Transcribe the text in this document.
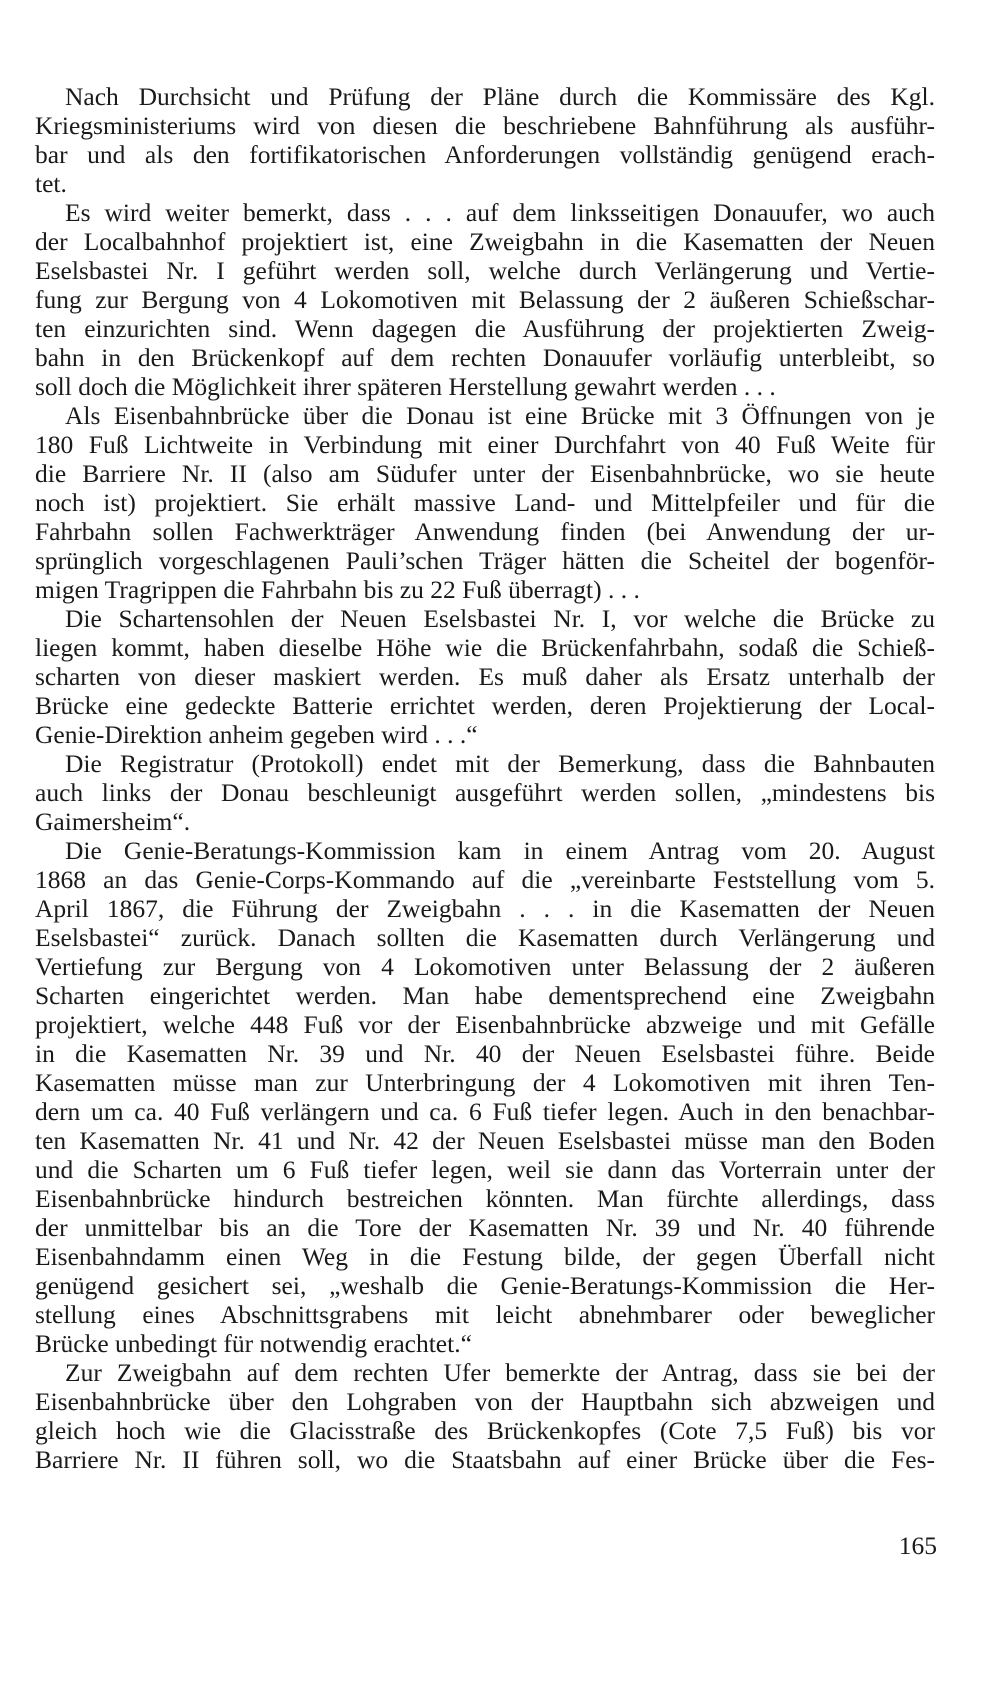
Nach Durchsicht und Prüfung der Pläne durch die Kommissäre des Kgl.
Kriegsministeriums wird von diesen die beschriebene Bahnführung als ausführ-
bar und als den fortifikatorischen Anforderungen vollständig genügend erach-
tet.
Es wird weiter bemerkt, dass . . . auf dem linksseitigen Donauufer, wo auch
der Localbahnhof projektiert ist, eine Zweigbahn in die Kasematten der Neuen
Eselsbastei Nr. I geführt werden soll, welche durch Verlängerung und Vertie-
fung zur Bergung von 4 Lokomotiven mit Belassung der 2 äußeren Schießschar-
ten einzurichten sind. Wenn dagegen die Ausführung der projektierten Zweig-
bahn in den Brückenkopf auf dem rechten Donauufer vorläufig unterbleibt, so
soll doch die Möglichkeit ihrer späteren Herstellung gewahrt werden . . .
Als Eisenbahnbrücke über die Donau ist eine Brücke mit 3 Öffnungen von je
180 Fuß Lichtweite in Verbindung mit einer Durchfahrt von 40 Fuß Weite für
die Barriere Nr. II (also am Südufer unter der Eisenbahnbrücke, wo sie heute
noch ist) projektiert. Sie erhält massive Land- und Mittelpfeiler und für die
Fahrbahn sollen Fachwerkträger Anwendung finden (bei Anwendung der ur-
sprünglich vorgeschlagenen Pauli’schen Träger hätten die Scheitel der bogenför-
migen Tragrippen die Fahrbahn bis zu 22 Fuß überragt) . . .
Die Schartensohlen der Neuen Eselsbastei Nr. I, vor welche die Brücke zu
liegen kommt, haben dieselbe Höhe wie die Brückenfahrbahn, sodaß die Schieß-
scharten von dieser maskiert werden. Es muß daher als Ersatz unterhalb der
Brücke eine gedeckte Batterie errichtet werden, deren Projektierung der Local-
Genie-Direktion anheim gegeben wird . . .“
Die Registratur (Protokoll) endet mit der Bemerkung, dass die Bahnbauten
auch links der Donau beschleunigt ausgeführt werden sollen, „mindestens bis
Gaimersheim“.
Die Genie-Beratungs-Kommission kam in einem Antrag vom 20. August
1868 an das Genie-Corps-Kommando auf die „vereinbarte Feststellung vom 5.
April 1867, die Führung der Zweigbahn . . . in die Kasematten der Neuen
Eselsbastei“ zurück. Danach sollten die Kasematten durch Verlängerung und
Vertiefung zur Bergung von 4 Lokomotiven unter Belassung der 2 äußeren
Scharten eingerichtet werden. Man habe dementsprechend eine Zweigbahn
projektiert, welche 448 Fuß vor der Eisenbahnbrücke abzweige und mit Gefälle
in die Kasematten Nr. 39 und Nr. 40 der Neuen Eselsbastei führe. Beide
Kasematten müsse man zur Unterbringung der 4 Lokomotiven mit ihren Ten-
dern um ca. 40 Fuß verlängern und ca. 6 Fuß tiefer legen. Auch in den benachbar-
ten Kasematten Nr. 41 und Nr. 42 der Neuen Eselsbastei müsse man den Boden
und die Scharten um 6 Fuß tiefer legen, weil sie dann das Vorterrain unter der
Eisenbahnbrücke hindurch bestreichen könnten. Man fürchte allerdings, dass
der unmittelbar bis an die Tore der Kasematten Nr. 39 und Nr. 40 führende
Eisenbahndamm einen Weg in die Festung bilde, der gegen Überfall nicht
genügend gesichert sei, „weshalb die Genie-Beratungs-Kommission die Her-
stellung eines Abschnittsgrabens mit leicht abnehmbarer oder beweglicher
Brücke unbedingt für notwendig erachtet.“
Zur Zweigbahn auf dem rechten Ufer bemerkte der Antrag, dass sie bei der
Eisenbahnbrücke über den Lohgraben von der Hauptbahn sich abzweigen und
gleich hoch wie die Glacisstraße des Brückenkopfes (Cote 7,5 Fuß) bis vor
Barriere Nr. II führen soll, wo die Staatsbahn auf einer Brücke über die Fes-
165
